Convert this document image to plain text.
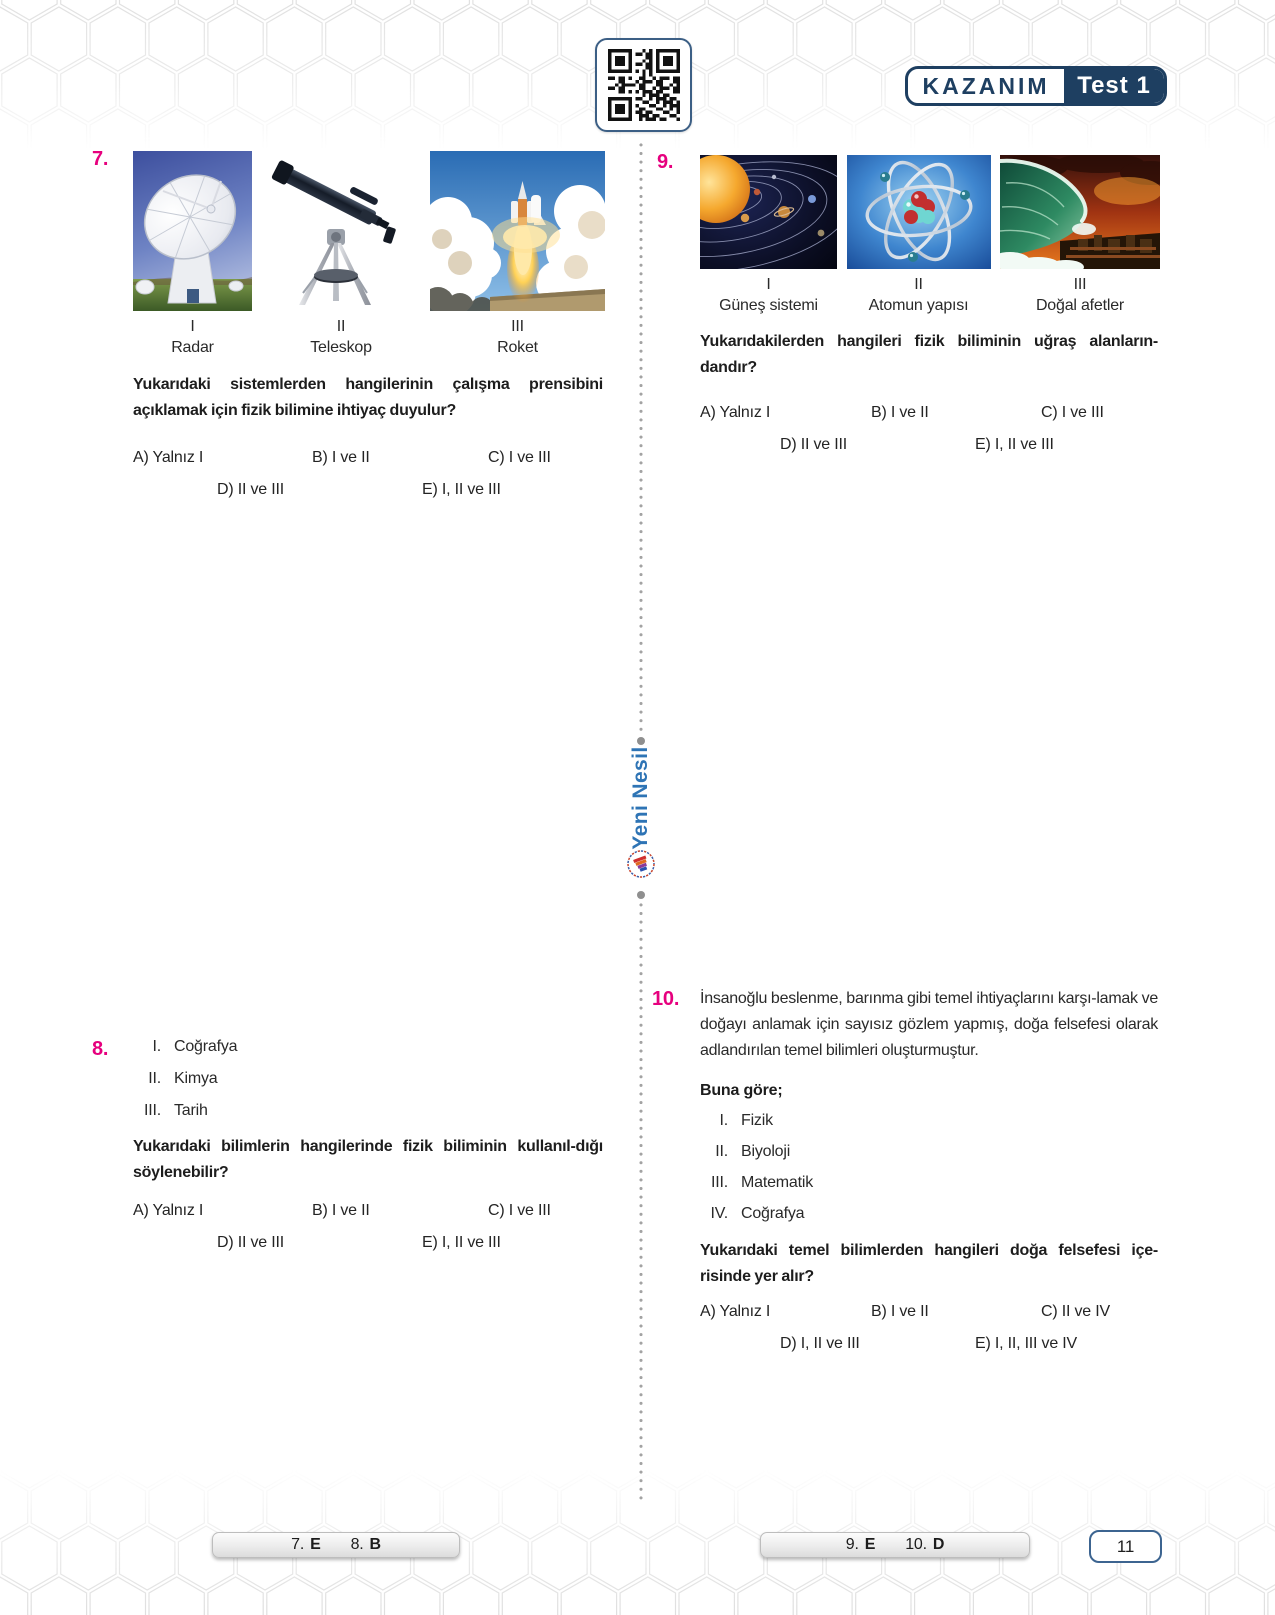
KAZANIM	Test 1
Yeni Nesil
7.
I
Radar
II
Teleskop
III
Roket
Yukarıdaki sistemlerden hangilerinin çalışma prensibini açıklamak için fizik bilimine ihtiyaç duyulur?
A) Yalnız I	B) I ve II	C) I ve III
D) II ve III	E) I, II ve III
8.	I. Coğrafya
II. Kimya
III. Tarih
Yukarıdaki bilimlerin hangilerinde fizik biliminin kullanıl-dığı söylenebilir?
A) Yalnız I	B) I ve II	C) I ve III
D) II ve III	E) I, II ve III
9.
I
Güneş sistemi
II
Atomun yapısı
III
Doğal afetler
Yukarıdakilerden hangileri fizik biliminin uğraş alanların-dandır?
A) Yalnız I	B) I ve II	C) I ve III
D) II ve III	E) I, II ve III
10. İnsanoğlu beslenme, barınma gibi temel ihtiyaçlarını karşı-lamak ve doğayı anlamak için sayısız gözlem yapmış, doğa felsefesi olarak adlandırılan temel bilimleri oluşturmuştur.
Buna göre;
I. Fizik
II. Biyoloji
III. Matematik
IV. Coğrafya
Yukarıdaki temel bilimlerden hangileri doğa felsefesi içe-risinde yer alır?
A) Yalnız I	B) I ve II	C) II ve IV
D) I, II ve III	E) I, II, III ve IV
7. E 8. B	9. E 10. D	11
